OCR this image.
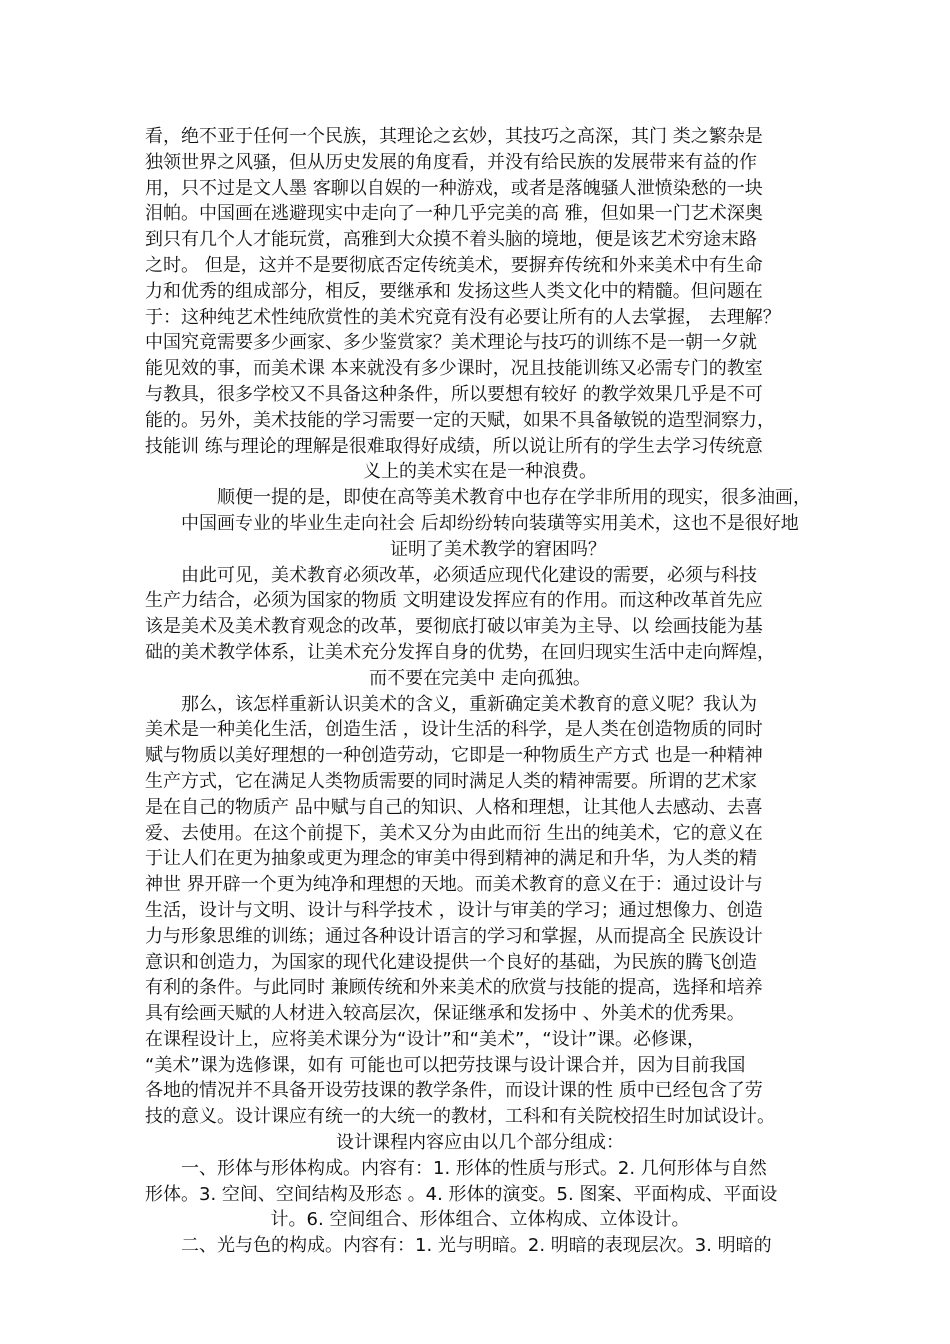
看，绝不亚于任何一个民族，其理论之玄妙，其技巧之高深，其门 类之繁杂是
独领世界之风骚，但从历史发展的角度看，并没有给民族的发展带来有益的作
用，只不过是文人墨 客聊以自娱的一种游戏，或者是落魄骚人泄愤染愁的一块
泪帕。中国画在逃避现实中走向了一种几乎完美的高 雅，但如果一门艺术深奥
到只有几个人才能玩赏，高雅到大众摸不着头脑的境地，便是该艺术穷途末路
之时。 但是，这并不是要彻底否定传统美术，要摒弃传统和外来美术中有生命
力和优秀的组成部分，相反，要继承和 发扬这些人类文化中的精髓。但问题在
于：这种纯艺术性纯欣赏性的美术究竟有没有必要让所有的人去掌握， 去理解？
中国究竟需要多少画家、多少鉴赏家？美术理论与技巧的训练不是一朝一夕就
能见效的事，而美术课 本来就没有多少课时，况且技能训练又必需专门的教室
与教具，很多学校又不具备这种条件，所以要想有较好 的教学效果几乎是不可
能的。另外，美术技能的学习需要一定的天赋，如果不具备敏锐的造型洞察力，
技能训 练与理论的理解是很难取得好成绩，所以说让所有的学生去学习传统意
义上的美术实在是一种浪费。

顺便一提的是，即使在高等美术教育中也存在学非所用的现实，很多油画，
中国画专业的毕业生走向社会 后却纷纷转向装璜等实用美术，这也不是很好地
证明了美术教学的窘困吗？

由此可见，美术教育必须改革，必须适应现代化建设的需要，必须与科技
生产力结合，必须为国家的物质 文明建设发挥应有的作用。而这种改革首先应
该是美术及美术教育观念的改革，要彻底打破以审美为主导、以 绘画技能为基
础的美术教学体系，让美术充分发挥自身的优势，在回归现实生活中走向辉煌，
而不要在完美中 走向孤独。

那么，该怎样重新认识美术的含义，重新确定美术教育的意义呢？我认为
美术是一种美化生活，创造生活 ，设计生活的科学，是人类在创造物质的同时
赋与物质以美好理想的一种创造劳动，它即是一种物质生产方式 也是一种精神
生产方式，它在满足人类物质需要的同时满足人类的精神需要。所谓的艺术家
是在自己的物质产 品中赋与自己的知识、人格和理想，让其他人去感动、去喜
爱、去使用。在这个前提下，美术又分为由此而衍 生出的纯美术，它的意义在
于让人们在更为抽象或更为理念的审美中得到精神的满足和升华，为人类的精
神世 界开辟一个更为纯净和理想的天地。而美术教育的意义在于：通过设计与
生活，设计与文明、设计与科学技术 ，设计与审美的学习；通过想像力、创造
力与形象思维的训练；通过各种设计语言的学习和掌握，从而提高全 民族设计
意识和创造力，为国家的现代化建设提供一个良好的基础，为民族的腾飞创造
有利的条件。与此同时 兼顾传统和外来美术的欣赏与技能的提高，选择和培养
具有绘画天赋的人材进入较高层次，保证继承和发扬中 、外美术的优秀果。

在课程设计上，应将美术课分为“设计”和“美术”，“设计”课。必修课，
“美术”课为选修课，如有 可能也可以把劳技课与设计课合并，因为目前我国
各地的情况并不具备开设劳技课的教学条件，而设计课的性 质中已经包含了劳
技的意义。设计课应有统一的大统一的教材，工科和有关院校招生时加试设计。
设计课程内容应由以几个部分组成：

一、形体与形体构成。内容有：1. 形体的性质与形式。2. 几何形体与自然
形体。3. 空间、空间结构及形态 。4. 形体的演变。5. 图案、平面构成、平面设
计。6. 空间组合、形体组合、立体构成、立体设计。

二、光与色的构成。内容有：1. 光与明暗。2. 明暗的表现层次。3. 明暗的
